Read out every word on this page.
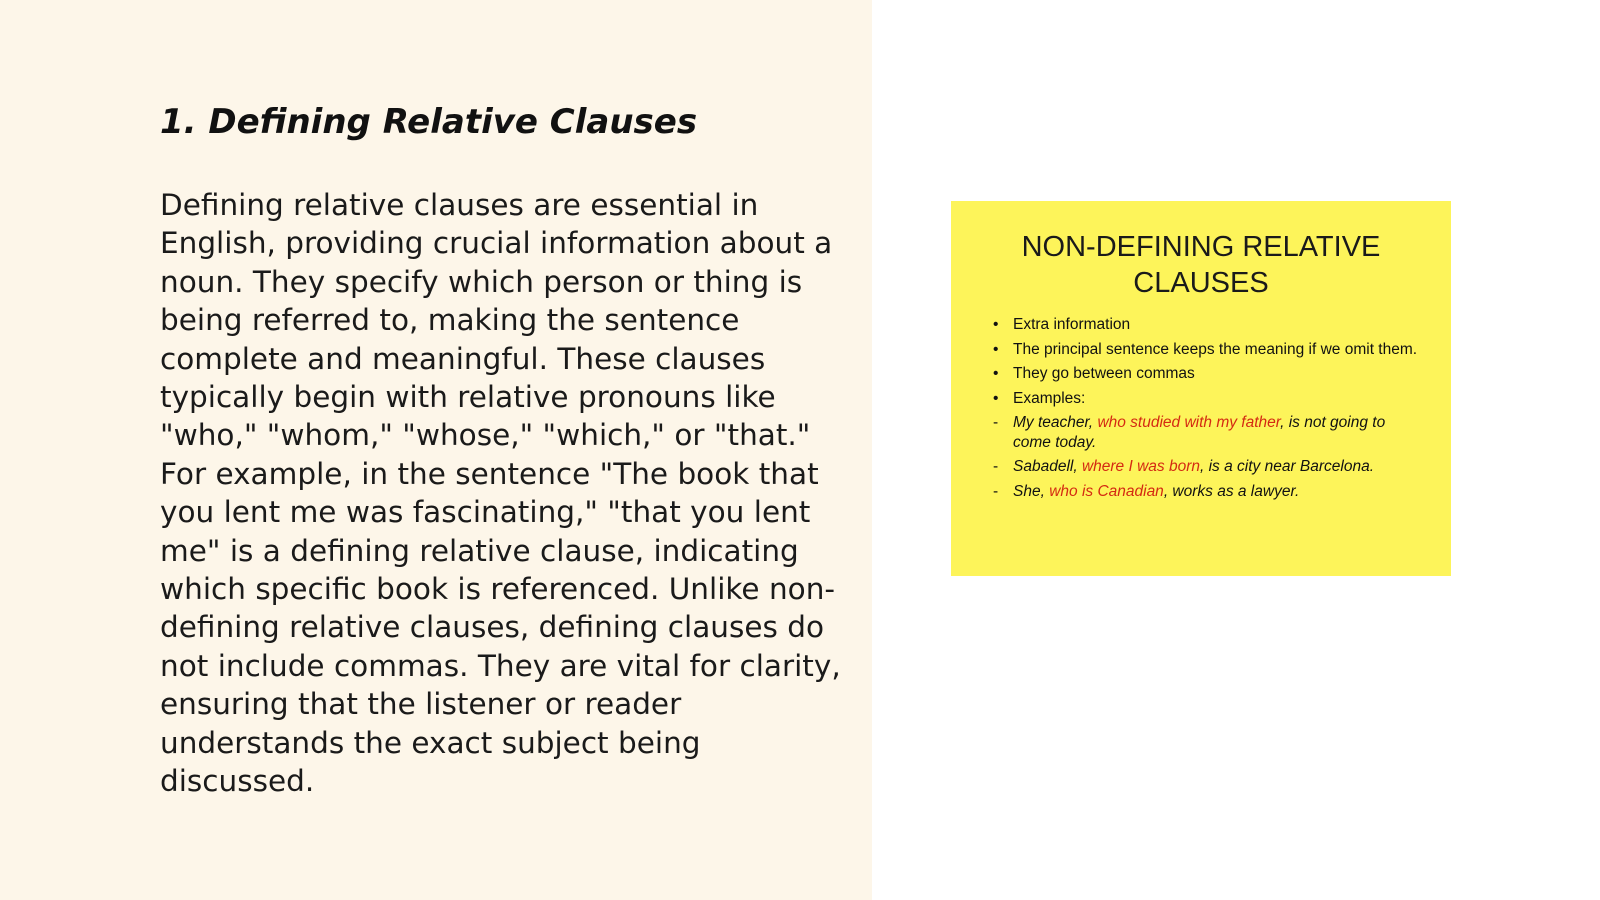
1. Defining Relative Clauses

Defining relative clauses are essential in English, providing crucial information about a noun. They specify which person or thing is being referred to, making the sentence complete and meaningful. These clauses typically begin with relative pronouns like "who," "whom," "whose," "which," or "that." For example, in the sentence "The book that you lent me was fascinating," "that you lent me" is a defining relative clause, indicating which specific book is referenced. Unlike non-defining relative clauses, defining clauses do not include commas. They are vital for clarity, ensuring that the listener or reader understands the exact subject being discussed.

NON-DEFINING RELATIVE CLAUSES
• Extra information
• The principal sentence keeps the meaning if we omit them.
• They go between commas
• Examples:
- My teacher, who studied with my father, is not going to come today.
- Sabadell, where I was born, is a city near Barcelona.
- She, who is Canadian, works as a lawyer.
